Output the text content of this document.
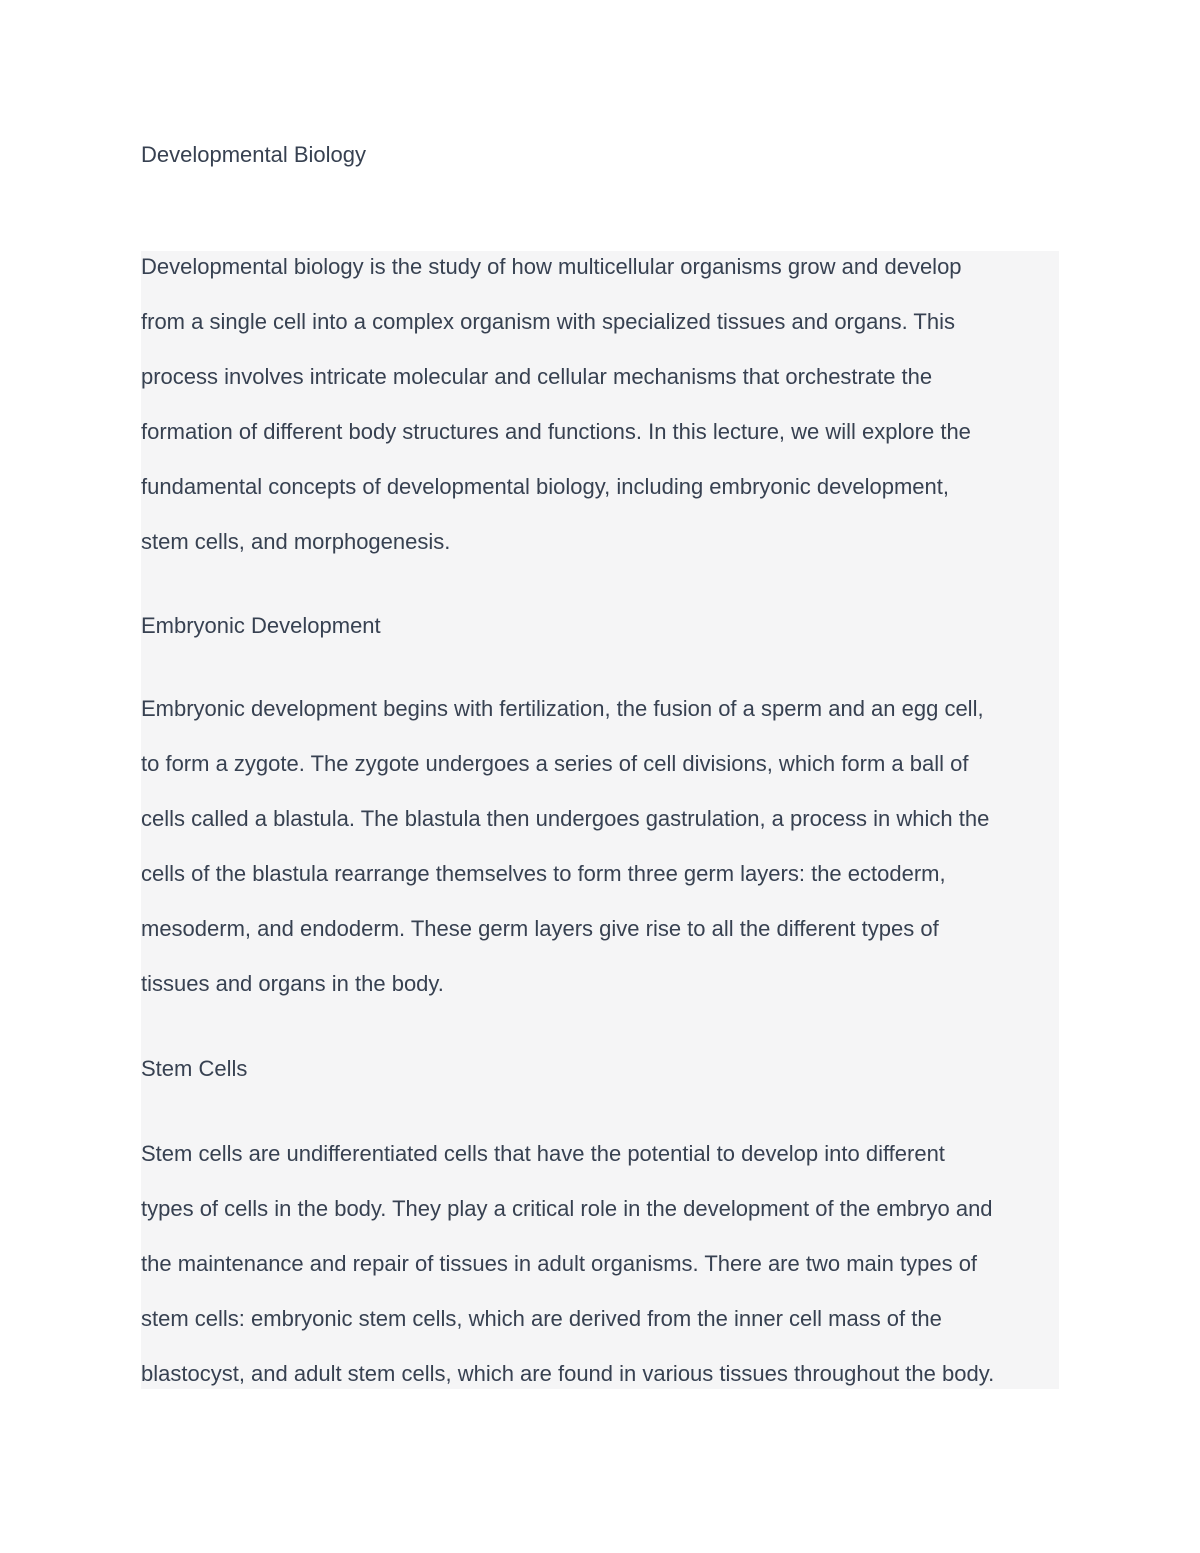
Developmental Biology

Developmental biology is the study of how multicellular organisms grow and develop
from a single cell into a complex organism with specialized tissues and organs. This
process involves intricate molecular and cellular mechanisms that orchestrate the
formation of different body structures and functions. In this lecture, we will explore the
fundamental concepts of developmental biology, including embryonic development,
stem cells, and morphogenesis.

Embryonic Development

Embryonic development begins with fertilization, the fusion of a sperm and an egg cell,
to form a zygote. The zygote undergoes a series of cell divisions, which form a ball of
cells called a blastula. The blastula then undergoes gastrulation, a process in which the
cells of the blastula rearrange themselves to form three germ layers: the ectoderm,
mesoderm, and endoderm. These germ layers give rise to all the different types of
tissues and organs in the body.

Stem Cells

Stem cells are undifferentiated cells that have the potential to develop into different
types of cells in the body. They play a critical role in the development of the embryo and
the maintenance and repair of tissues in adult organisms. There are two main types of
stem cells: embryonic stem cells, which are derived from the inner cell mass of the
blastocyst, and adult stem cells, which are found in various tissues throughout the body.
